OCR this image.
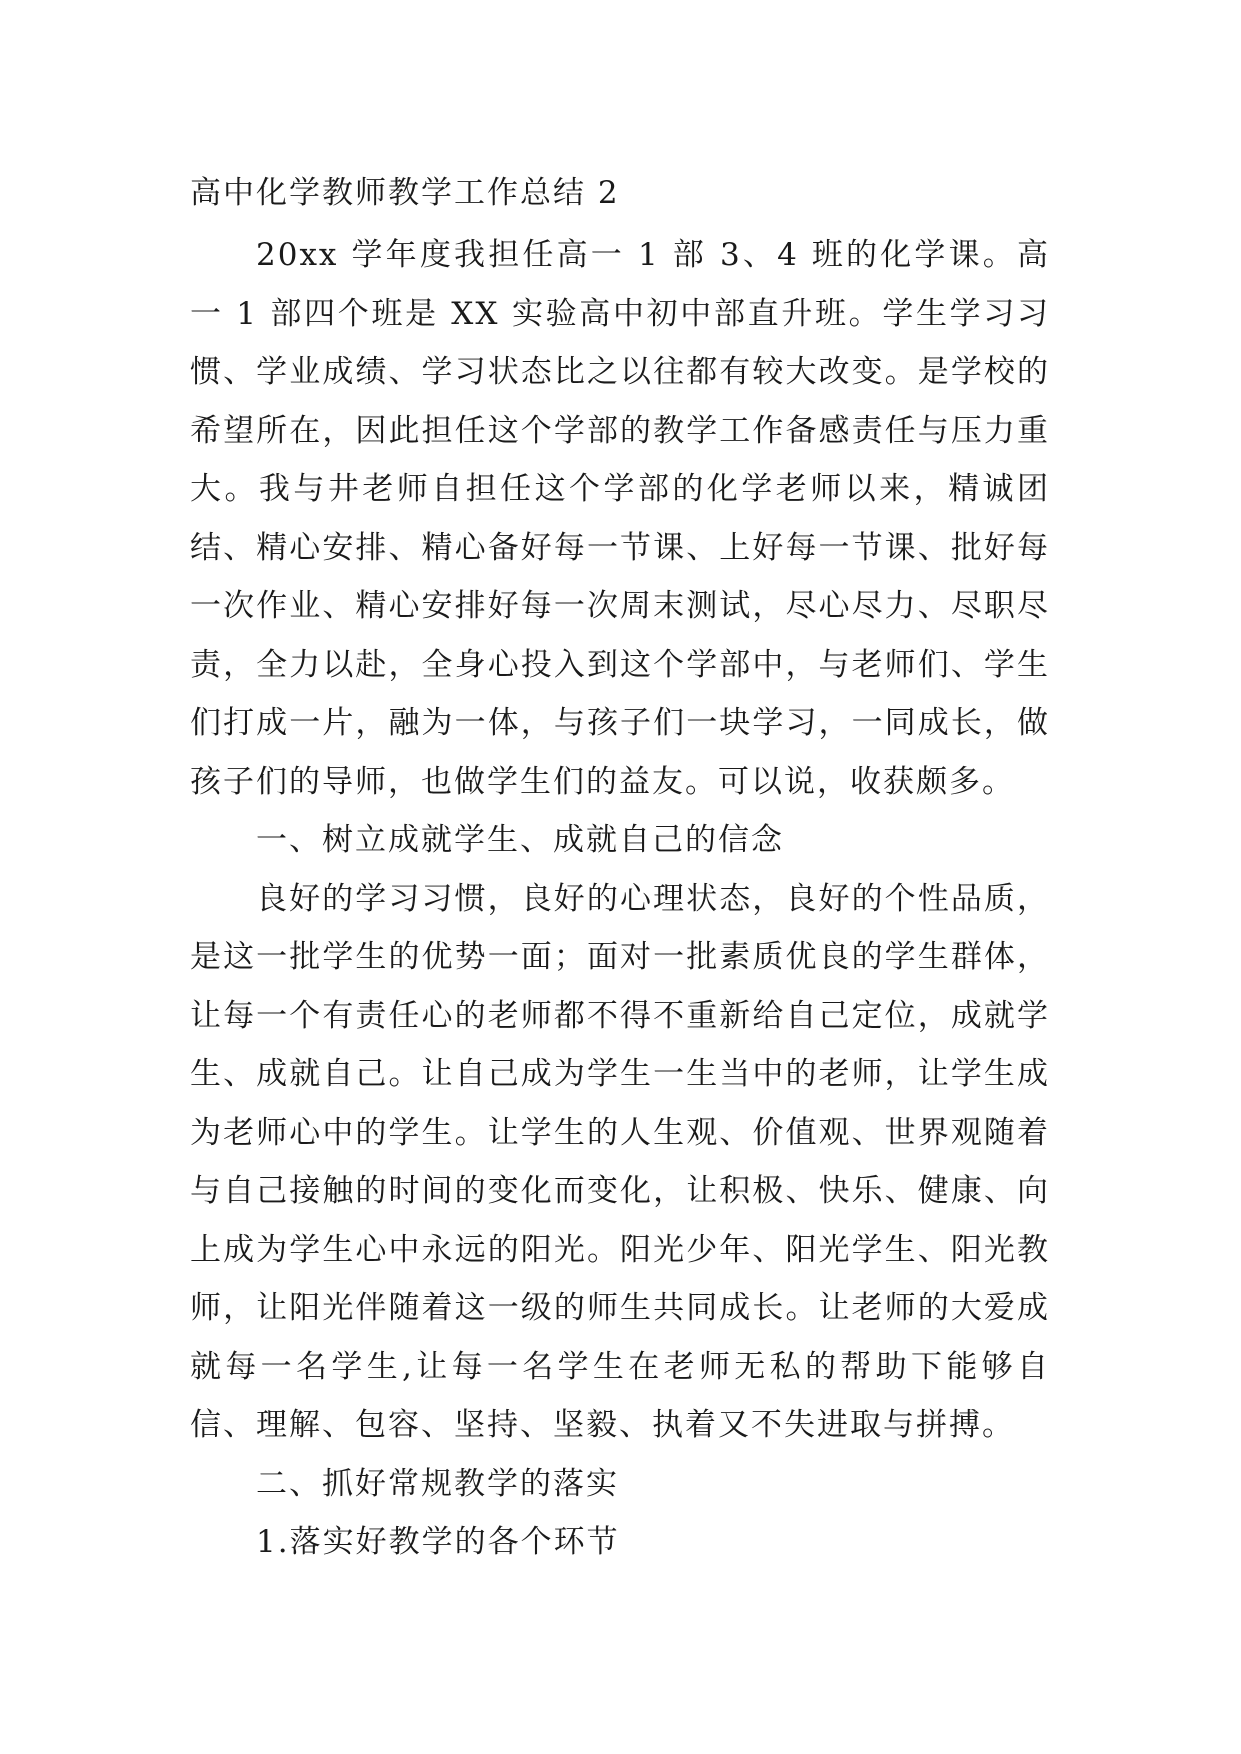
高中化学教师教学工作总结 2

20xx 学年度我担任高一 1 部 3、4 班的化学课。高一 1 部四个班是 XX 实验高中初中部直升班。学生学习习惯、学业成绩、学习状态比之以往都有较大改变。是学校的希望所在，因此担任这个学部的教学工作备感责任与压力重大。我与井老师自担任这个学部的化学老师以来，精诚团结、精心安排、精心备好每一节课、上好每一节课、批好每一次作业、精心安排好每一次周末测试，尽心尽力、尽职尽责，全力以赴，全身心投入到这个学部中，与老师们、学生们打成一片，融为一体，与孩子们一块学习，一同成长，做孩子们的导师，也做学生们的益友。可以说，收获颇多。

一、树立成就学生、成就自己的信念

良好的学习习惯，良好的心理状态，良好的个性品质，是这一批学生的优势一面；面对一批素质优良的学生群体，让每一个有责任心的老师都不得不重新给自己定位，成就学生、成就自己。让自己成为学生一生当中的老师，让学生成为老师心中的学生。让学生的人生观、价值观、世界观随着与自己接触的时间的变化而变化，让积极、快乐、健康、向上成为学生心中永远的阳光。阳光少年、阳光学生、阳光教师，让阳光伴随着这一级的师生共同成长。让老师的大爱成就每一名学生,让每一名学生在老师无私的帮助下能够自信、理解、包容、坚持、坚毅、执着又不失进取与拼搏。

二、抓好常规教学的落实
1.落实好教学的各个环节
